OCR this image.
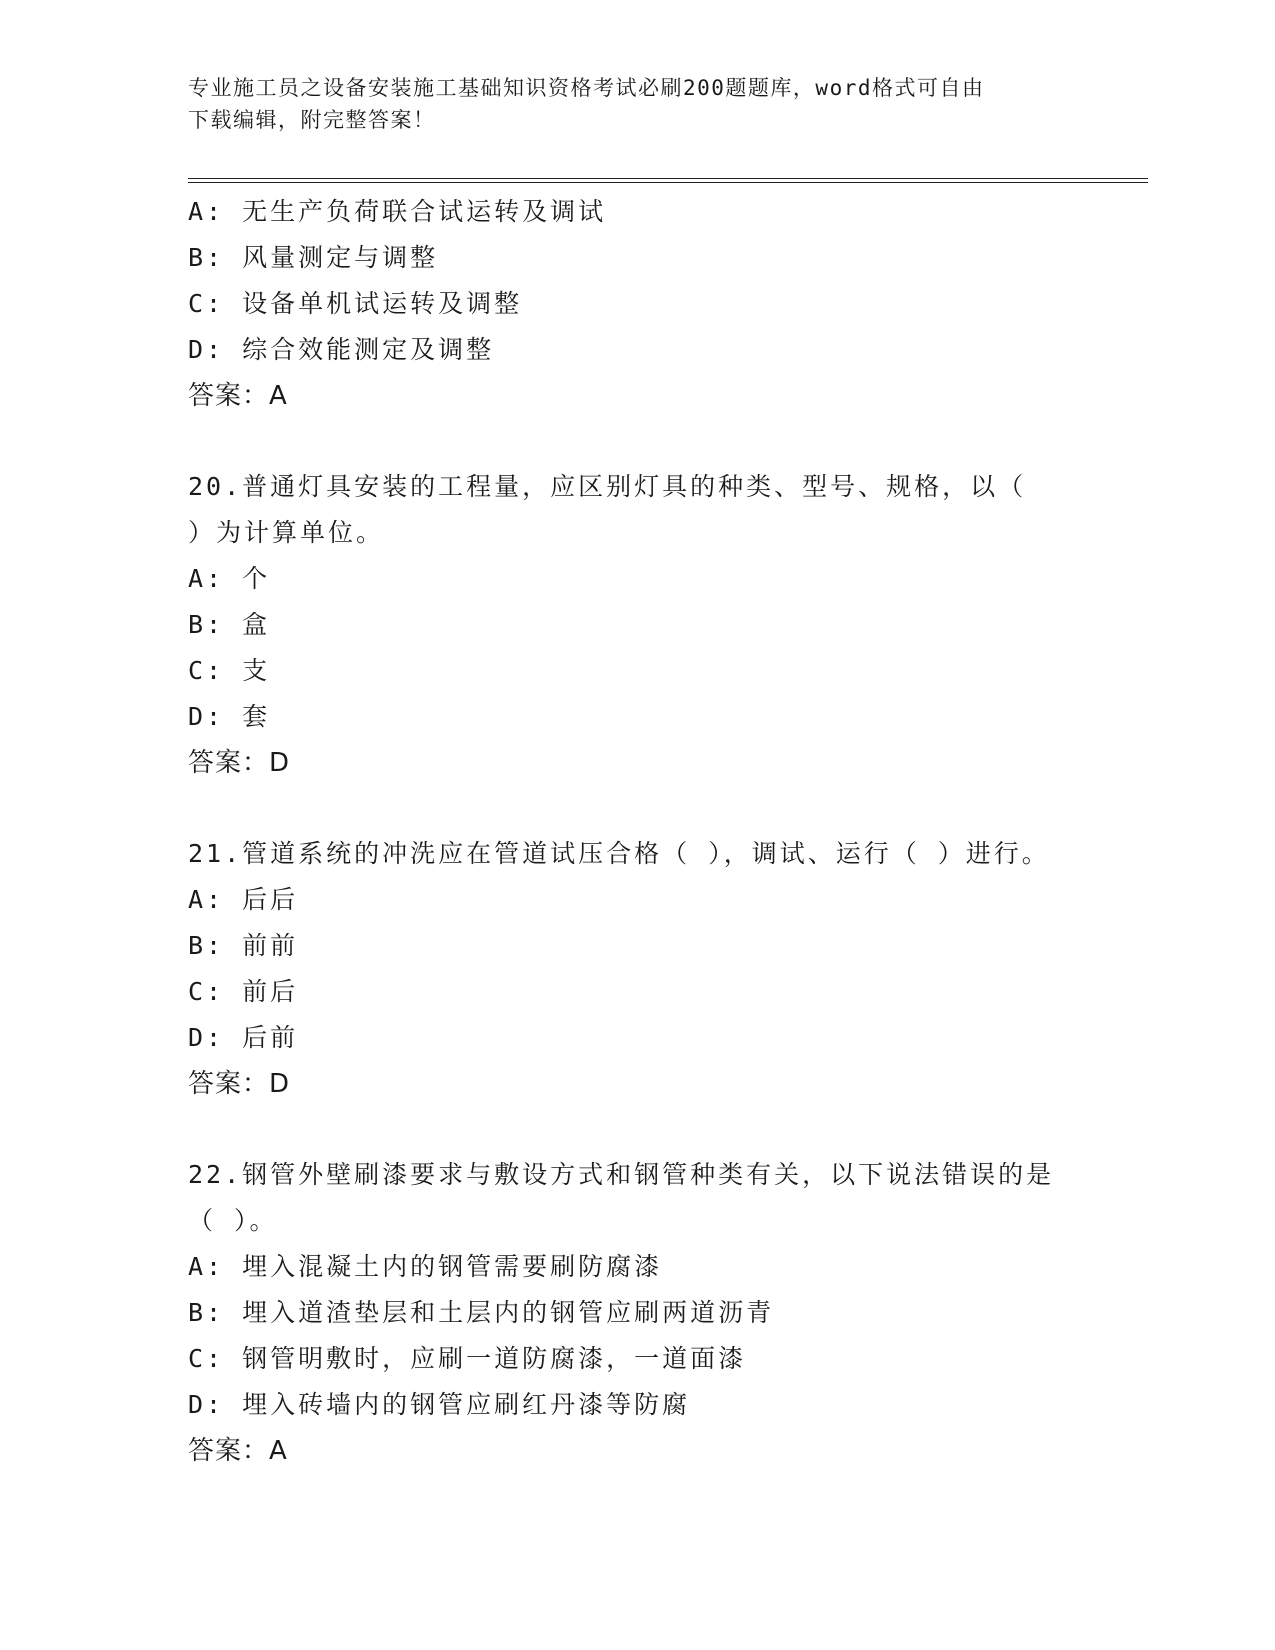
专业施工员之设备安装施工基础知识资格考试必刷200题题库，word格式可自由
下载编辑，附完整答案！
A: 无生产负荷联合试运转及调试
B: 风量测定与调整
C: 设备单机试运转及调整
D: 综合效能测定及调整
答案：A
20.普通灯具安装的工程量，应区别灯具的种类、型号、规格，以（
）为计算单位。
A: 个
B: 盒
C: 支
D: 套
答案：D
21.管道系统的冲洗应在管道试压合格（ ），调试、运行（ ）进行。
A: 后后
B: 前前
C: 前后
D: 后前
答案：D
22.钢管外壁刷漆要求与敷设方式和钢管种类有关，以下说法错误的是
（ ）。
A: 埋入混凝土内的钢管需要刷防腐漆
B: 埋入道渣垫层和土层内的钢管应刷两道沥青
C: 钢管明敷时，应刷一道防腐漆，一道面漆
D: 埋入砖墙内的钢管应刷红丹漆等防腐
答案：A
